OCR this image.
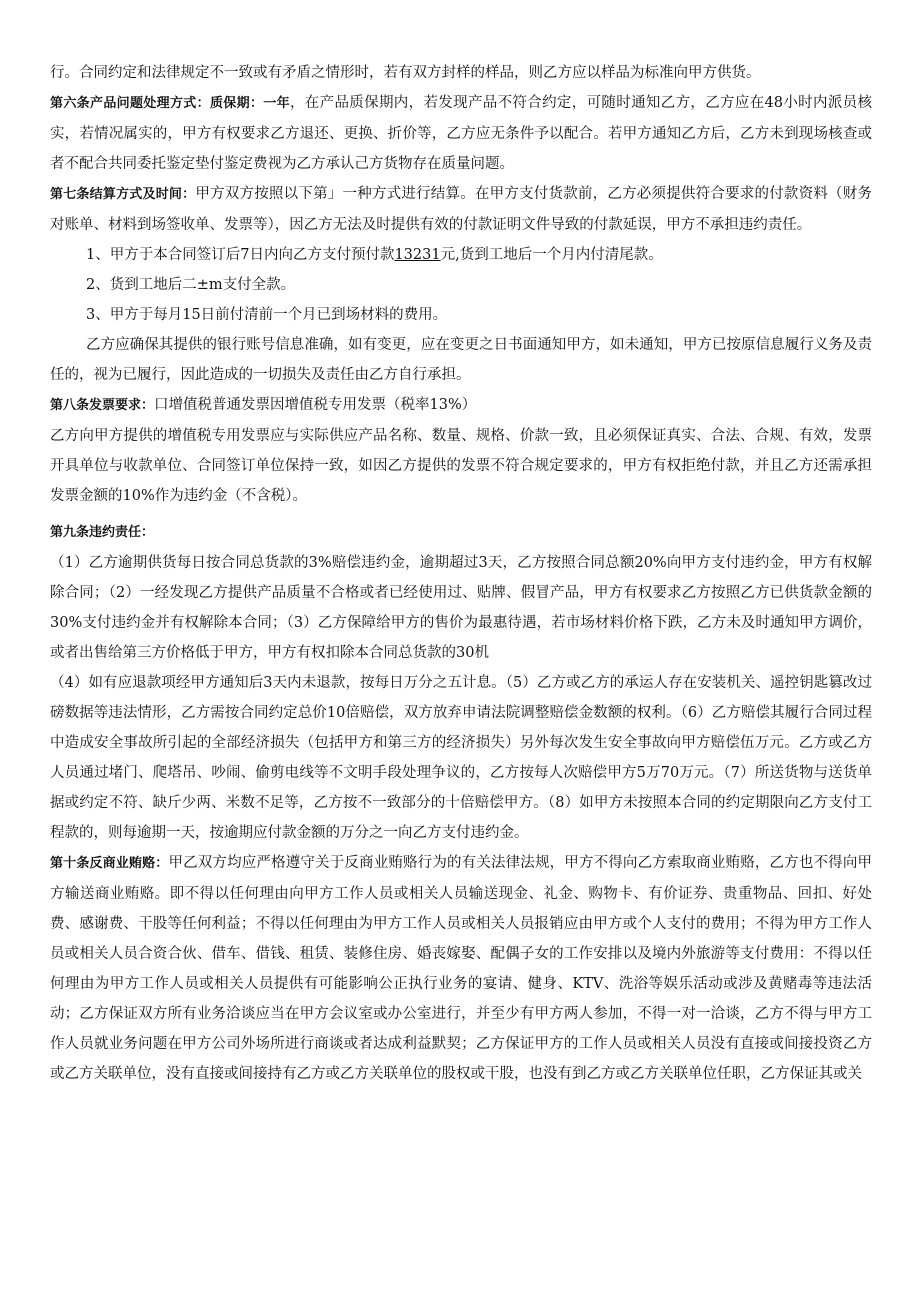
行。合同约定和法律规定不一致或有矛盾之情形时，若有双方封样的样品，则乙方应以样品为标准向甲方供货。

第六条产品问题处理方式：质保期：一年，在产品质保期内，若发现产品不符合约定，可随时通知乙方，乙方应在48小时内派员核实，若情况属实的，甲方有权要求乙方退还、更换、折价等，乙方应无条件予以配合。若甲方通知乙方后，乙方未到现场核查或者不配合共同委托鉴定垫付鉴定费视为乙方承认己方货物存在质量问题。

第七条结算方式及时间：甲方双方按照以下第」一种方式进行结算。在甲方支付货款前，乙方必须提供符合要求的付款资料（财务对账单、材料到场签收单、发票等），因乙方无法及时提供有效的付款证明文件导致的付款延误，甲方不承担违约责任。

1、甲方于本合同签订后7日内向乙方支付预付款13231元,货到工地后一个月内付清尾款。

2、货到工地后二±m支付全款。

3、甲方于每月15日前付清前一个月已到场材料的费用。

乙方应确保其提供的银行账号信息准确，如有变更，应在变更之日书面通知甲方，如未通知，甲方已按原信息履行义务及责任的，视为已履行，因此造成的一切损失及责任由乙方自行承担。

第八条发票要求：口增值税普通发票因增值税专用发票（税率13%）

乙方向甲方提供的增值税专用发票应与实际供应产品名称、数量、规格、价款一致，且必须保证真实、合法、合规、有效，发票开具单位与收款单位、合同签订单位保持一致，如因乙方提供的发票不符合规定要求的，甲方有权拒绝付款，并且乙方还需承担发票金额的10%作为违约金（不含税）。

第九条违约责任：

（1）乙方逾期供货每日按合同总货款的3%赔偿违约金，逾期超过3天，乙方按照合同总额20%向甲方支付违约金，甲方有权解除合同；（2）一经发现乙方提供产品质量不合格或者已经使用过、贴牌、假冒产品，甲方有权要求乙方按照乙方已供货款金额的30%支付违约金并有权解除本合同；（3）乙方保障给甲方的售价为最惠待遇，若市场材料价格下跌，乙方未及时通知甲方调价，或者出售给第三方价格低于甲方，甲方有权扣除本合同总货款的30机

（4）如有应退款项经甲方通知后3天内未退款，按每日万分之五计息。（5）乙方或乙方的承运人存在安装机关、遥控钥匙篡改过磅数据等违法情形，乙方需按合同约定总价10倍赔偿，双方放弃申请法院调整赔偿金数额的权利。（6）乙方赔偿其履行合同过程中造成安全事故所引起的全部经济损失（包括甲方和第三方的经济损失）另外每次发生安全事故向甲方赔偿伍万元。乙方或乙方人员通过堵门、爬塔吊、吵闹、偷剪电线等不文明手段处理争议的，乙方按每人次赔偿甲方5万70万元。（7）所送货物与送货单据或约定不符、缺斤少两、米数不足等，乙方按不一致部分的十倍赔偿甲方。（8）如甲方未按照本合同的约定期限向乙方支付工程款的，则每逾期一天，按逾期应付款金额的万分之一向乙方支付违约金。

第十条反商业贿赂：甲乙双方均应严格遵守关于反商业贿赂行为的有关法律法规，甲方不得向乙方索取商业贿赂，乙方也不得向甲方输送商业贿赂。即不得以任何理由向甲方工作人员或相关人员输送现金、礼金、购物卡、有价证券、贵重物品、回扣、好处费、感谢费、干股等任何利益；不得以任何理由为甲方工作人员或相关人员报销应由甲方或个人支付的费用；不得为甲方工作人员或相关人员合资合伙、借车、借钱、租赁、装修住房、婚丧嫁娶、配偶子女的工作安排以及境内外旅游等支付费用：不得以任何理由为甲方工作人员或相关人员提供有可能影响公正执行业务的宴请、健身、KTV、洗浴等娱乐活动或涉及黄赌毒等违法活动；乙方保证双方所有业务洽谈应当在甲方会议室或办公室进行，并至少有甲方两人参加，不得一对一洽谈，乙方不得与甲方工作人员就业务问题在甲方公司外场所进行商谈或者达成利益默契；乙方保证甲方的工作人员或相关人员没有直接或间接投资乙方或乙方关联单位，没有直接或间接持有乙方或乙方关联单位的股权或干股，也没有到乙方或乙方关联单位任职，乙方保证其或关
